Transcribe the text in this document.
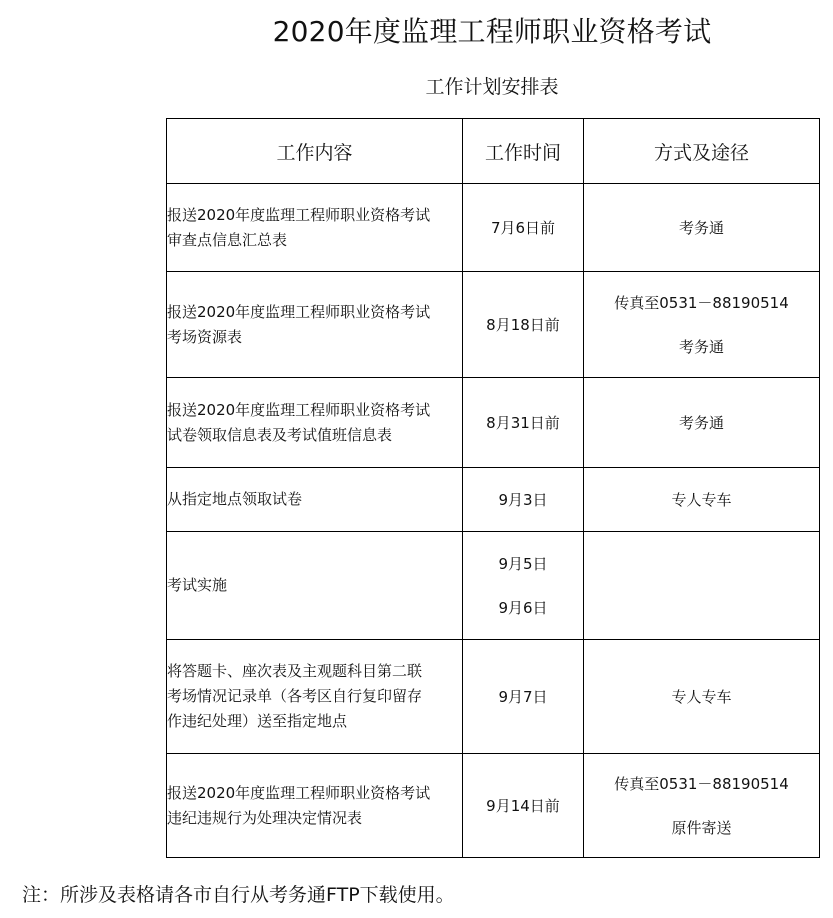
2020年度监理工程师职业资格考试
工作计划安排表
工作内容	工作时间	方式及途径

报送2020年度监理工程师职业资格考试
审查点信息汇总表	7月6日前	考务通

报送2020年度监理工程师职业资格考试
考场资源表	8月18日前	传真至0531－88190514
考务通

报送2020年度监理工程师职业资格考试
试卷领取信息表及考试值班信息表	8月31日前	考务通

从指定地点领取试卷	9月3日	专人专车

考试实施	9月5日
9月6日	

将答题卡、座次表及主观题科目第二联
考场情况记录单（各考区自行复印留存
作违纪处理）送至指定地点	9月7日	专人专车

报送2020年度监理工程师职业资格考试
违纪违规行为处理决定情况表	9月14日前	传真至0531－88190514
原件寄送
注：所涉及表格请各市自行从考务通FTP下载使用。
